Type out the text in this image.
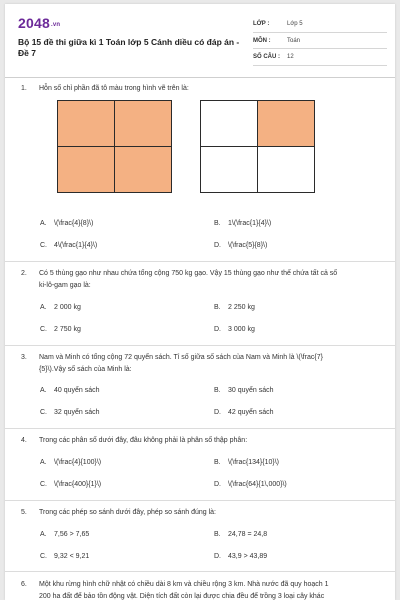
2048.vn
Bộ 15 đề thi giữa kì 1 Toán lớp 5 Cánh diều có đáp án - Đề 7
LỚP :	Lớp 5
MÔN :	Toán
SỐ CÂU : 12
1. Hỗn số chỉ phần đã tô màu trong hình vẽ trên là:
A. \(\frac{4}{8}\)	B. 1\(\frac{1}{4}\)
C. 4\(\frac{1}{4}\)	D. \(\frac{5}{8}\)
2. Có 5 thùng gạo như nhau chứa tổng cộng 750 kg gạo. Vậy 15 thùng gạo như thế chứa tất cả số
ki-lô-gam gạo là:
A. 2 000 kg	B. 2 250 kg
C. 2 750 kg	D. 3 000 kg
3. Nam và Minh có tổng cộng 72 quyển sách. Tỉ số giữa số sách của Nam và Minh là \(\frac{7}
{5}\).Vậy số sách của Minh là:
A. 40 quyển sách	B. 30 quyển sách
C. 32 quyển sách	D. 42 quyển sách
4. Trong các phân số dưới đây, đâu không phải là phân số thập phân:
A. \(\frac{4}{100}\)	B. \(\frac{134}{10}\)
C. \(\frac{400}{1}\)	D. \(\frac{64}{1\,000}\)
5. Trong các phép so sánh dưới đây, phép so sánh đúng là:
A. 7,56 > 7,65	B. 24,78 = 24,8
C. 9,32 < 9,21	D. 43,9 > 43,89
6. Một khu rừng hình chữ nhật có chiều dài 8 km và chiều rộng 3 km. Nhà nước đã quy hoạch 1
200 ha đất để bảo tồn động vật. Diện tích đất còn lại được chia đều để trồng 3 loại cây khác
